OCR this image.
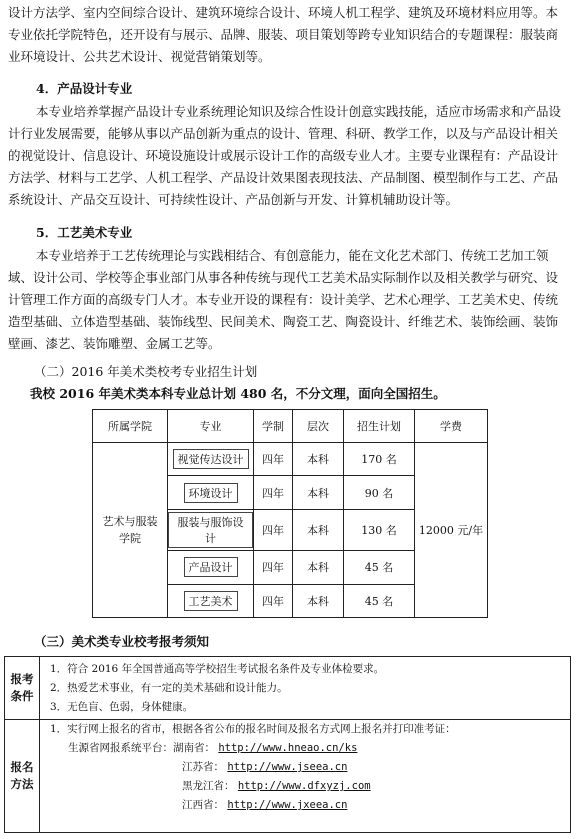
设计方法学、室内空间综合设计、建筑环境综合设计、环境人机工程学、建筑及环境材料应用等。本专业依托学院特色，还开设有与展示、品牌、服装、项目策划等跨专业知识结合的专题课程：服装商业环境设计、公共艺术设计、视觉营销策划等。

4．产品设计专业

本专业培养掌握产品设计专业系统理论知识及综合性设计创意实践技能，适应市场需求和产品设计行业发展需要，能够从事以产品创新为重点的设计、管理、科研、教学工作，以及与产品设计相关的视觉设计、信息设计、环境设施设计或展示设计工作的高级专业人才。主要专业课程有：产品设计方法学、材料与工艺学、人机工程学、产品设计效果图表现技法、产品制图、模型制作与工艺、产品系统设计、产品交互设计、可持续性设计、产品创新与开发、计算机辅助设计等。

5．工艺美术专业

本专业培养于工艺传统理论与实践相结合、有创意能力，能在文化艺术部门、传统工艺加工领域、设计公司、学校等企事业部门从事各种传统与现代工艺美术品实际制作以及相关教学与研究、设计管理工作方面的高级专门人才。本专业开设的课程有：设计美学、艺术心理学、工艺美术史、传统造型基础、立体造型基础、装饰线型、民间美术、陶瓷工艺、陶瓷设计、纤维艺术、装饰绘画、装饰壁画、漆艺、装饰雕塑、金属工艺等。

（二）2016 年美术类校考专业招生计划

我校 2016 年美术类本科专业总计划 480 名，不分文理，面向全国招生。

所属学院	专业	学制	层次	招生计划	学费
艺术与服装学院	视觉传达设计	四年	本科	170 名	12000 元/年
	环境设计	四年	本科	90 名	
	服装与服饰设计	四年	本科	130 名	
	产品设计	四年	本科	45 名	
	工艺美术	四年	本科	45 名	

（三）美术类专业校考报考须知

报考条件	1．符合 2016 年全国普通高等学校招生考试报名条件及专业体检要求。
2．热爱艺术事业，有一定的美术基础和设计能力。
3．无色盲、色弱，身体健康。

报名方法	1．实行网上报名的省市，根据各省公布的报名时间及报名方式网上报名并打印准考证：
生源省网报系统平台：湖南省： http://www.hneao.cn/ks
江苏省： http://www.jseea.cn
黑龙江省： http://www.dfxyzj.com
江西省： http://www.jxeea.cn
